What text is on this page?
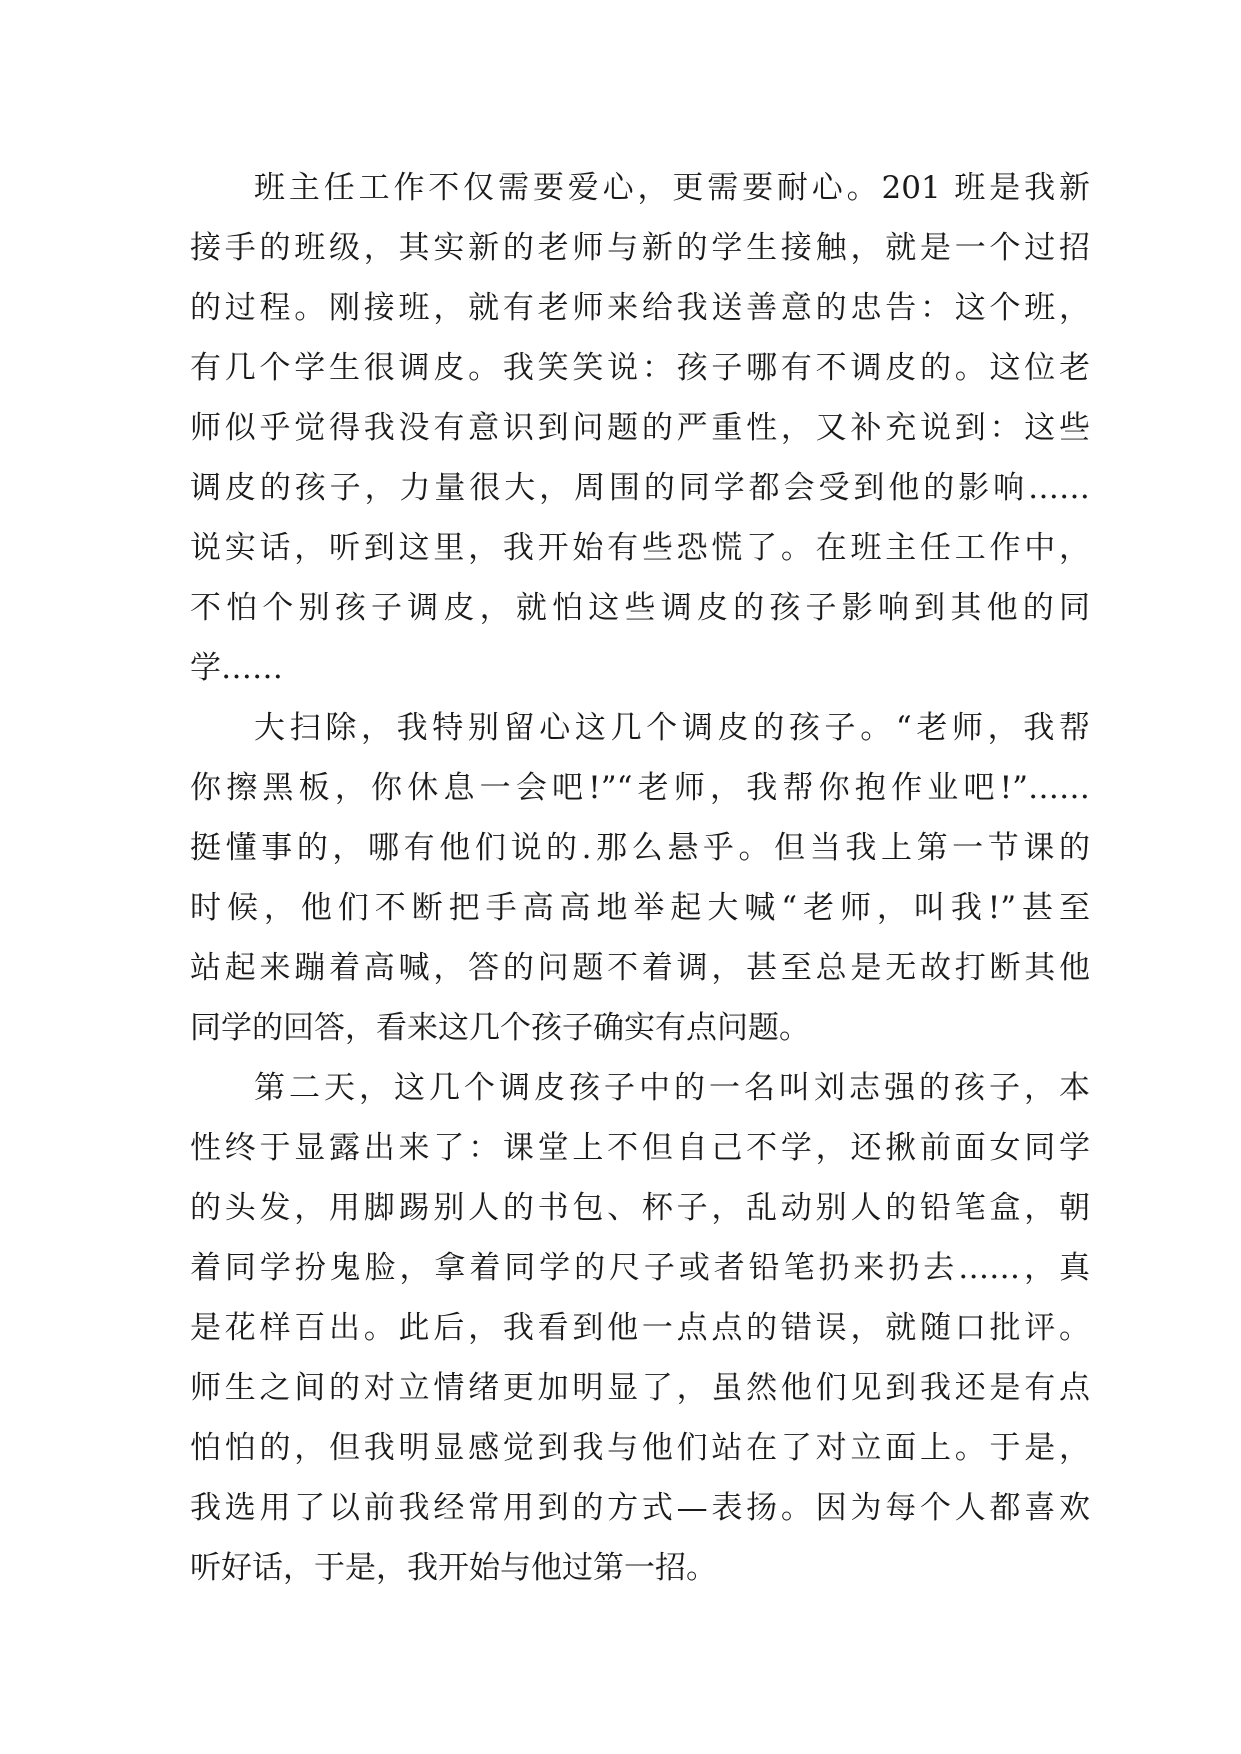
班主任工作不仅需要爱心，更需要耐心。201 班是我新
接手的班级，其实新的老师与新的学生接触，就是一个过招
的过程。刚接班，就有老师来给我送善意的忠告：这个班，
有几个学生很调皮。我笑笑说：孩子哪有不调皮的。这位老
师似乎觉得我没有意识到问题的严重性，又补充说到：这些
调皮的孩子，力量很大，周围的同学都会受到他的影响……
说实话，听到这里，我开始有些恐慌了。在班主任工作中，
不怕个别孩子调皮，就怕这些调皮的孩子影响到其他的同
学……
大扫除，我特别留心这几个调皮的孩子。“老师，我帮
你擦黑板，你休息一会吧!”“老师，我帮你抱作业吧!”……
挺懂事的，哪有他们说的.那么悬乎。但当我上第一节课的
时候，他们不断把手高高地举起大喊“老师，叫我!”甚至
站起来蹦着高喊，答的问题不着调，甚至总是无故打断其他
同学的回答，看来这几个孩子确实有点问题。
第二天，这几个调皮孩子中的一名叫刘志强的孩子，本
性终于显露出来了：课堂上不但自己不学，还揪前面女同学
的头发，用脚踢别人的书包、杯子，乱动别人的铅笔盒，朝
着同学扮鬼脸，拿着同学的尺子或者铅笔扔来扔去……，真
是花样百出。此后，我看到他一点点的错误，就随口批评。
师生之间的对立情绪更加明显了，虽然他们见到我还是有点
怕怕的，但我明显感觉到我与他们站在了对立面上。于是，
我选用了以前我经常用到的方式—表扬。因为每个人都喜欢
听好话，于是，我开始与他过第一招。
